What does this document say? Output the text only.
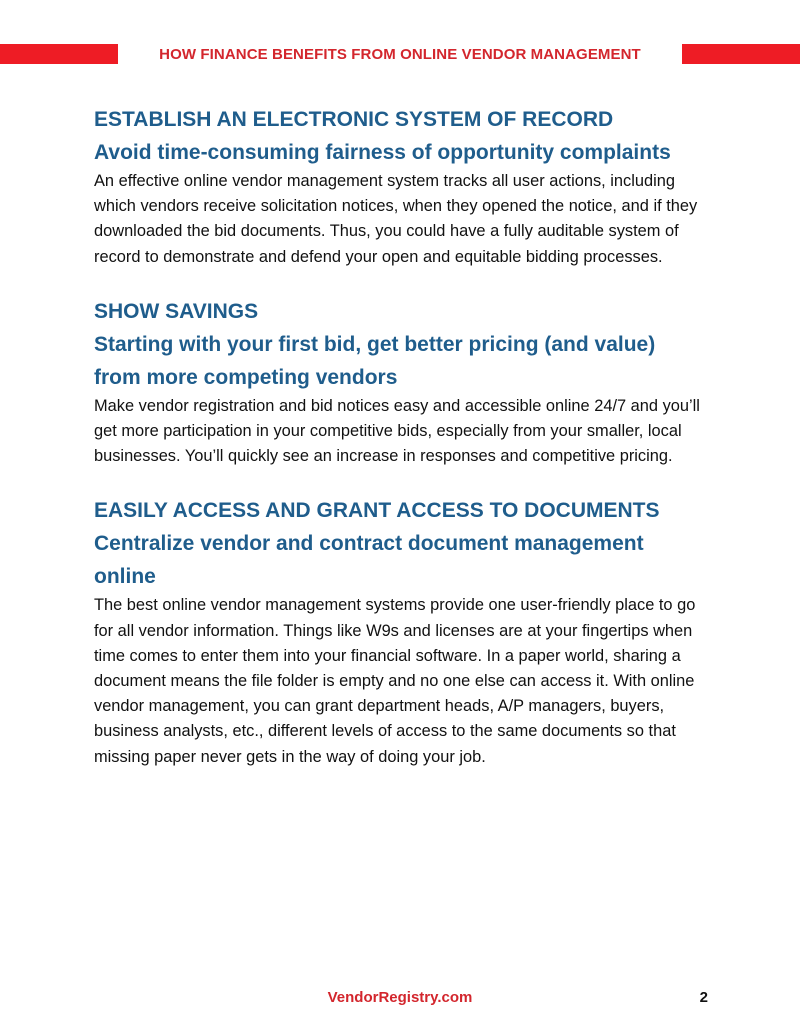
HOW FINANCE BENEFITS FROM ONLINE VENDOR MANAGEMENT
ESTABLISH AN ELECTRONIC SYSTEM OF RECORD
Avoid time-consuming fairness of opportunity complaints

An effective online vendor management system tracks all user actions, including which vendors receive solicitation notices, when they opened the notice, and if they downloaded the bid documents. Thus, you could have a fully auditable system of record to demonstrate and defend your open and equitable bidding processes.

SHOW SAVINGS
Starting with your first bid, get better pricing (and value) from more competing vendors

Make vendor registration and bid notices easy and accessible online 24/7 and you’ll get more participation in your competitive bids, especially from your smaller, local businesses. You’ll quickly see an increase in responses and competitive pricing.

EASILY ACCESS AND GRANT ACCESS TO DOCUMENTS
Centralize vendor and contract document management online

The best online vendor management systems provide one user-friendly place to go for all vendor information. Things like W9s and licenses are at your fingertips when time comes to enter them into your financial software. In a paper world, sharing a document means the file folder is empty and no one else can access it. With online vendor management, you can grant department heads, A/P managers, buyers, business analysts, etc., different levels of access to the same documents so that missing paper never gets in the way of doing your job.

VendorRegistry.com	2
